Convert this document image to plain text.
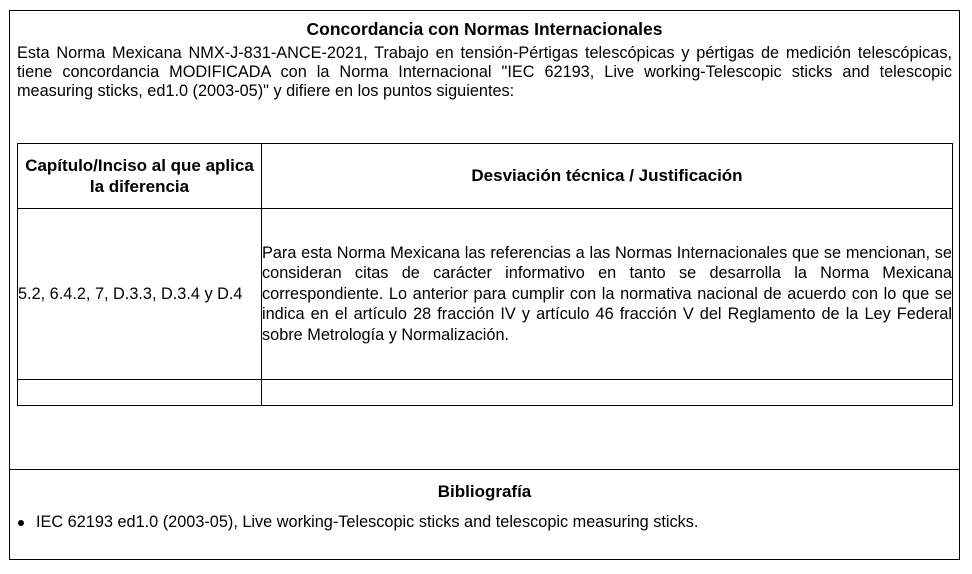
Concordancia con Normas Internacionales
Esta Norma Mexicana NMX-J-831-ANCE-2021, Trabajo en tensión-Pértigas telescópicas y pértigas de medición telescópicas, tiene concordancia MODIFICADA con la Norma Internacional "IEC 62193, Live working-Telescopic sticks and telescopic measuring sticks, ed1.0 (2003-05)" y difiere en los puntos siguientes:
Capítulo/Inciso al que aplica la diferencia	Desviación técnica / Justificación
5.2, 6.4.2, 7, D.3.3, D.3.4 y D.4	Para esta Norma Mexicana las referencias a las Normas Internacionales que se mencionan, se consideran citas de carácter informativo en tanto se desarrolla la Norma Mexicana correspondiente. Lo anterior para cumplir con la normativa nacional de acuerdo con lo que se indica en el artículo 28 fracción IV y artículo 46 fracción V del Reglamento de la Ley Federal sobre Metrología y Normalización.

Bibliografía
IEC 62193 ed1.0 (2003-05), Live working-Telescopic sticks and telescopic measuring sticks.
